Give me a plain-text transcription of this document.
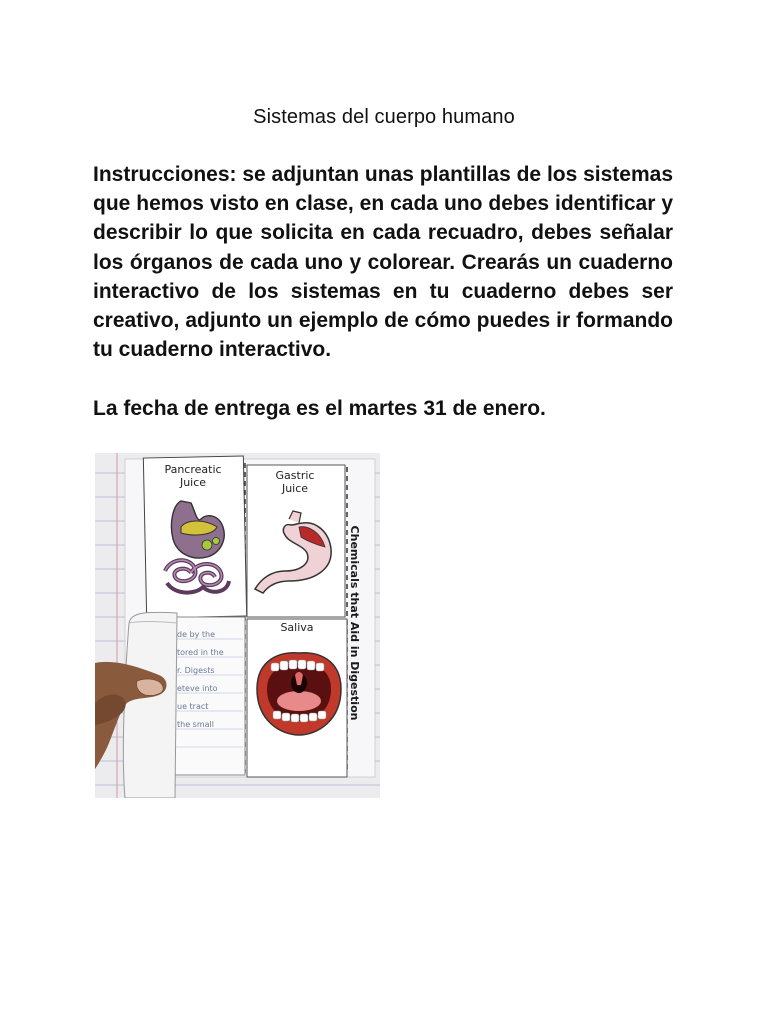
Sistemas del cuerpo humano

Instrucciones: se adjuntan unas plantillas de los sistemas que hemos visto en clase, en cada uno debes identificar y describir lo que solicita en cada recuadro, debes señalar los órganos de cada uno y colorear. Crearás un cuaderno interactivo de los sistemas en tu cuaderno debes ser creativo, adjunto un ejemplo de cómo puedes ir formando tu cuaderno interactivo.

La fecha de entrega es el martes 31 de enero.

Chemicals that Aid in Digestion
Pancreatic
Juice
Gastric
Juice
Saliva
de by the
tored in the
r. Digests
eteve into
ue tract
the small
